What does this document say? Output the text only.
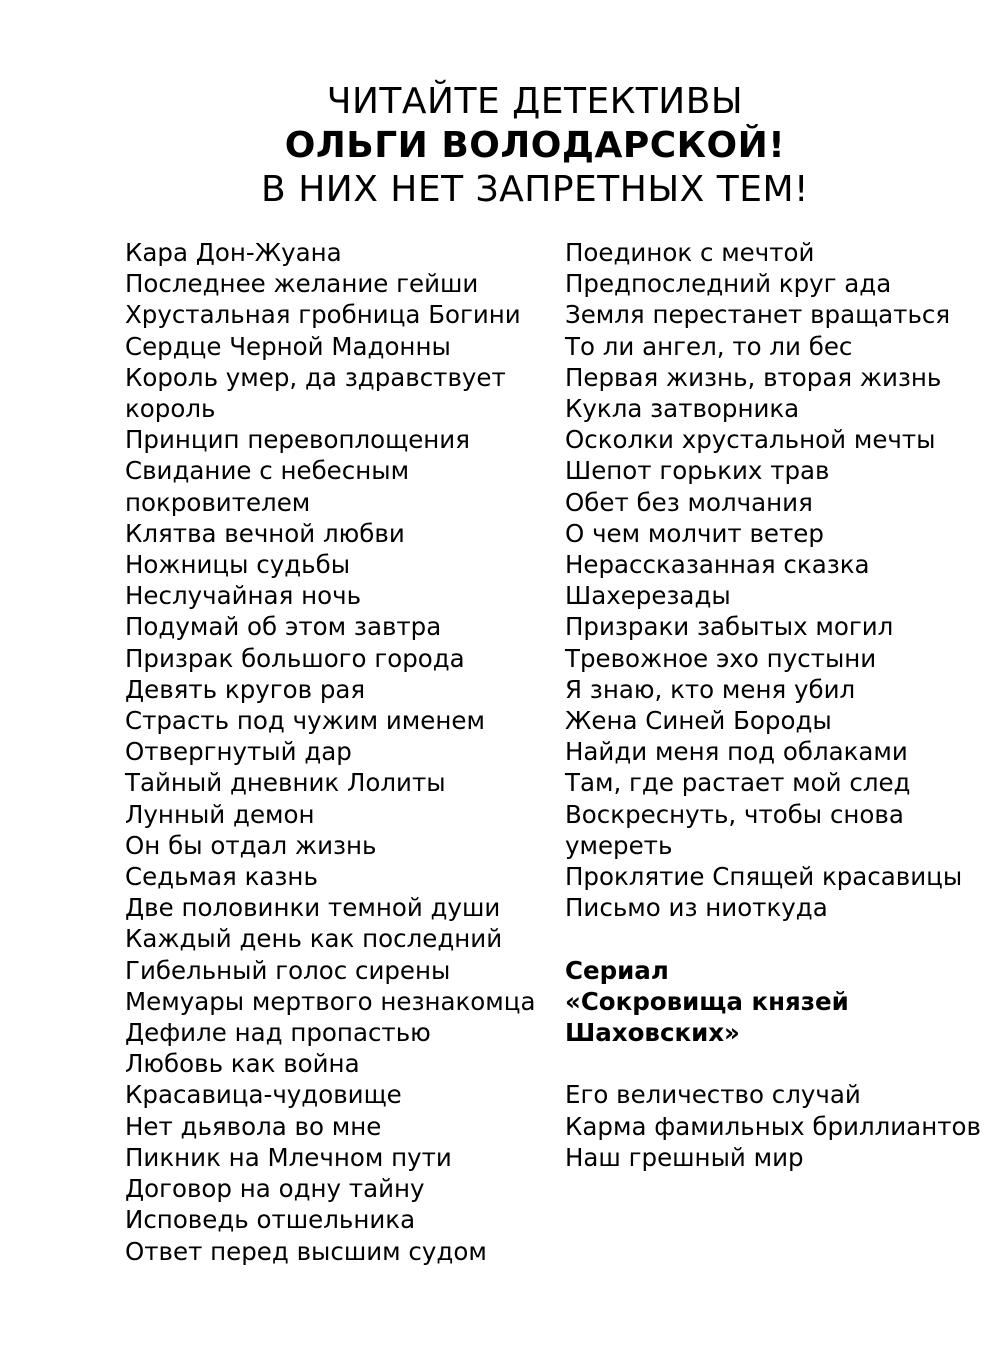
ЧИТАЙТЕ ДЕТЕКТИВЫ
ОЛЬГИ ВОЛОДАРСКОЙ!
В НИХ НЕТ ЗАПРЕТНЫХ ТЕМ!
Кара Дон-Жуана
Последнее желание гейши
Хрустальная гробница Богини
Сердце Черной Мадонны
Король умер, да здравствует король
Принцип перевоплощения
Свидание с небесным покровителем
Клятва вечной любви
Ножницы судьбы
Неслучайная ночь
Подумай об этом завтра
Призрак большого города
Девять кругов рая
Страсть под чужим именем
Отвергнутый дар
Тайный дневник Лолиты
Лунный демон
Он бы отдал жизнь
Седьмая казнь
Две половинки темной души
Каждый день как последний
Гибельный голос сирены
Мемуары мертвого незнакомца
Дефиле над пропастью
Любовь как война
Красавица-чудовище
Нет дьявола во мне
Пикник на Млечном пути
Договор на одну тайну
Исповедь отшельника
Ответ перед высшим судом
Поединок с мечтой
Предпоследний круг ада
Земля перестанет вращаться
То ли ангел, то ли бес
Первая жизнь, вторая жизнь
Кукла затворника
Осколки хрустальной мечты
Шепот горьких трав
Обет без молчания
О чем молчит ветер
Нерассказанная сказка Шахерезады
Призраки забытых могил
Тревожное эхо пустыни
Я знаю, кто меня убил
Жена Синей Бороды
Найди меня под облаками
Там, где растает мой след
Воскреснуть, чтобы снова умереть
Проклятие Спящей красавицы
Письмо из ниоткуда
Сериал
«Сокровища князей
Шаховских»
Его величество случай
Карма фамильных бриллиантов
Наш грешный мир
